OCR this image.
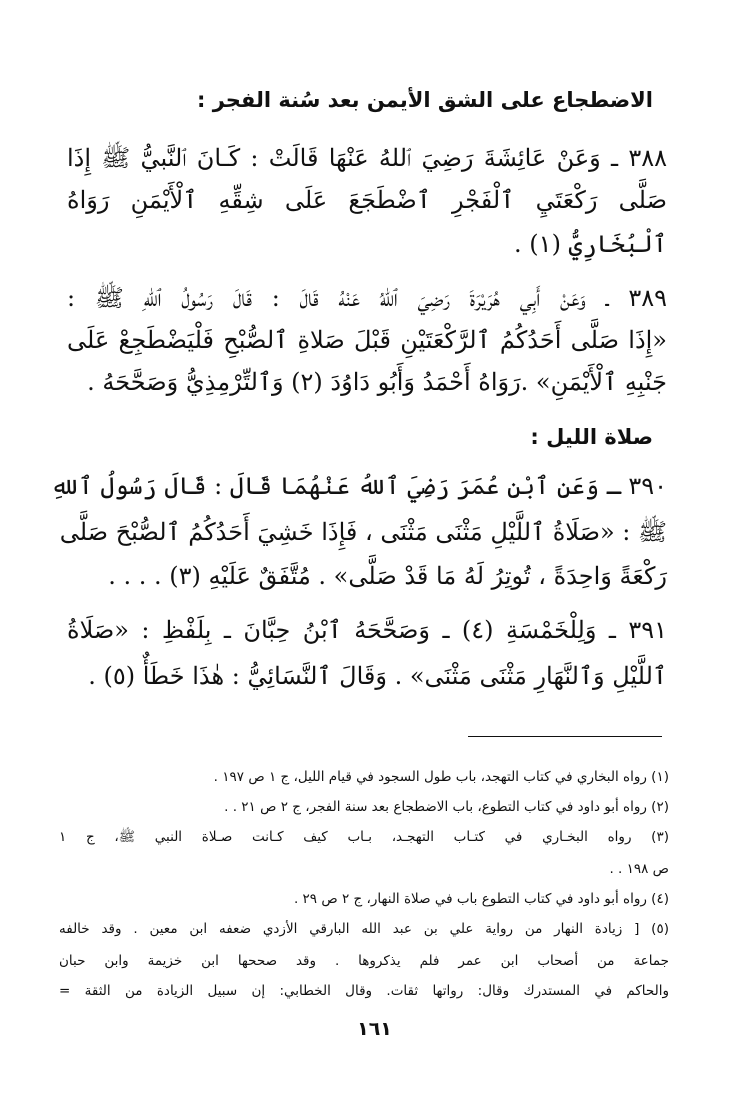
الاضطجاع على الشق الأيمن بعد سُنة الفجر :
٣٨٨ ـ وَعَنْ عَائِشَةَ رَضِيَ ٱللهُ عَنْهَا قَالَتْ : كَـانَ ٱلنَّبيُّ ﷺ إِذَا
صَلَّى رَكْعَتَيِ ٱلْفَجْرِ ٱضْطَجَعَ عَلَى شِقِّهِ ٱلْأَيْمَنِ رَوَاهُ
ٱلْبُخَارِيُّ (١) .
٣٨٩ ـ وَعَنْ أَبِي هُرَيْرَةَ رَضِيَ ٱللهُ عَنْهُ قَالَ : قَالَ رَسُولُ ٱللهِ ﷺ :
«إِذَا صَلَّى أَحَدُكُمُ ٱلرَّكْعَتَيْنِ قَبْلَ صَلاةِ ٱلصُّبْحِ فَلْيَضْطَجِعْ عَلَى
جَنْبِهِ ٱلْأَيْمَنِ» .رَوَاهُ أَحْمَدُ وَأَبُو دَاوُدَ (٢) وَٱلتِّرْمِذِيُّ وَصَحَّحَهُ .
صلاة الليل :
٣٩٠ ـ وَعَنِ ٱبْنِ عُمَرَ رَضِيَ ٱللهُ عَنْهُمَا قَالَ : قَالَ رَسُولُ ٱللهِ
ﷺ : «صَلَاةُ ٱللَّيْلِ مَثْنَى مَثْنَى ، فَإِذَا خَشِيَ أَحَدُكُمُ ٱلصُّبْحَ صَلَّى
رَكْعَةً وَاحِدَةً ، تُوتِرُ لَهُ مَا قَدْ صَلَّى» . مُتَّفَقٌ عَلَيْهِ (٣) . . . .
٣٩١ ـ وَلِلْخَمْسَةِ (٤) ـ وَصَحَّحَهُ ٱبْنُ حِبَّانَ ـ بِلَفْظِ : «صَلَاةُ
ٱللَّيْلِ وَٱلنَّهَارِ مَثْنَى مَثْنَى» . وَقَالَ ٱلنَّسَائِيُّ : هٰذَا خَطَأٌ (٥) .
(١) رواه البخاري في كتاب التهجد، باب طول السجود في قيام الليل، ج ١ ص ١٩٧ .
(٢) رواه أبو داود في كتاب التطوع، باب الاضطجاع بعد سنة الفجر، ج ٢ ص ٢١ . .
(٣) رواه البخـاري في كتـاب التهجـد، بـاب كيف كـانت صـلاة النبي ﷺ، ج ١
ص ١٩٨ . .
(٤) رواه أبو داود في كتاب التطوع باب في صلاة النهار، ج ٢ ص ٢٩ .
(٥) [ زيادة النهار من رواية علي بن عبد الله البارقي الأزدي ضعفه ابن معين . وقد خالفه
جماعة من أصحاب ابن عمر فلم يذكروها . وقد صححها ابن خزيمة وابن حبان
والحاكم في المستدرك وقال: رواتها ثقات. وقال الخطابي: إن سبيل الزيادة من الثقة =
١٦١
